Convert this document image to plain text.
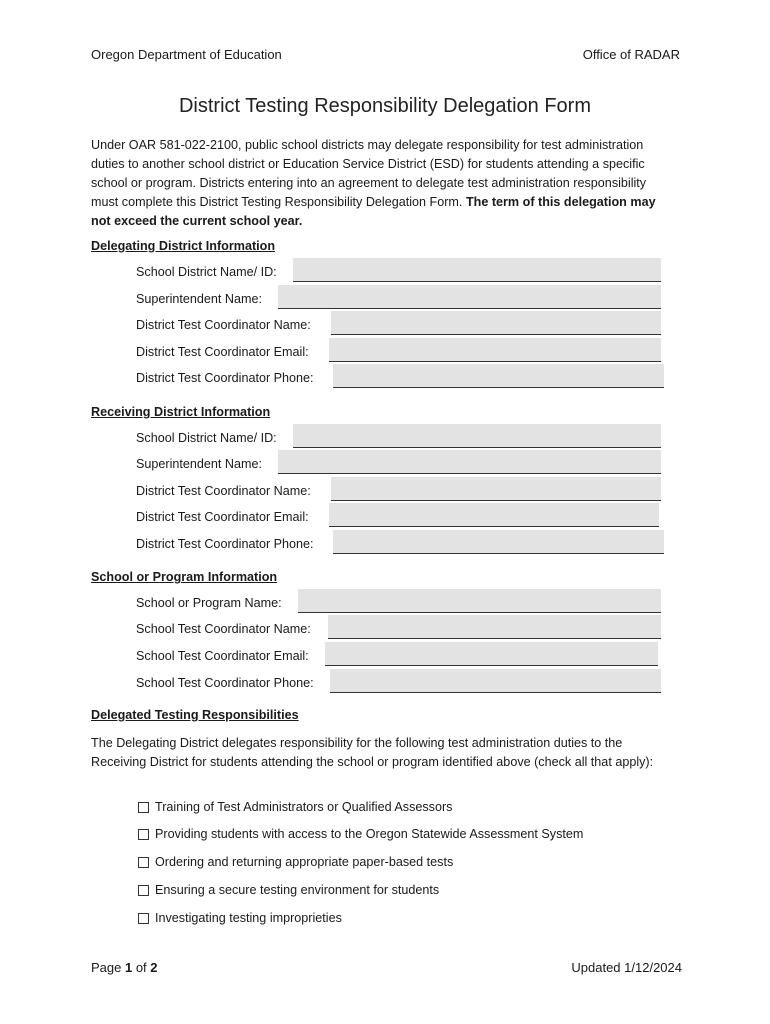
Oregon Department of Education	Office of RADAR
District Testing Responsibility Delegation Form
Under OAR 581-022-2100, public school districts may delegate responsibility for test administration duties to another school district or Education Service District (ESD) for students attending a specific school or program. Districts entering into an agreement to delegate test administration responsibility must complete this District Testing Responsibility Delegation Form. The term of this delegation may not exceed the current school year.
Delegating District Information
School District Name/ ID:
Superintendent Name:
District Test Coordinator Name:
District Test Coordinator Email:
District Test Coordinator Phone:
Receiving District Information
School District Name/ ID:
Superintendent Name:
District Test Coordinator Name:
District Test Coordinator Email:
District Test Coordinator Phone:
School or Program Information
School or Program Name:
School Test Coordinator Name:
School Test Coordinator Email:
School Test Coordinator Phone:
Delegated Testing Responsibilities
The Delegating District delegates responsibility for the following test administration duties to the Receiving District for students attending the school or program identified above (check all that apply):
Training of Test Administrators or Qualified Assessors
Providing students with access to the Oregon Statewide Assessment System
Ordering and returning appropriate paper-based tests
Ensuring a secure testing environment for students
Investigating testing improprieties
Page 1 of 2	Updated 1/12/2024
